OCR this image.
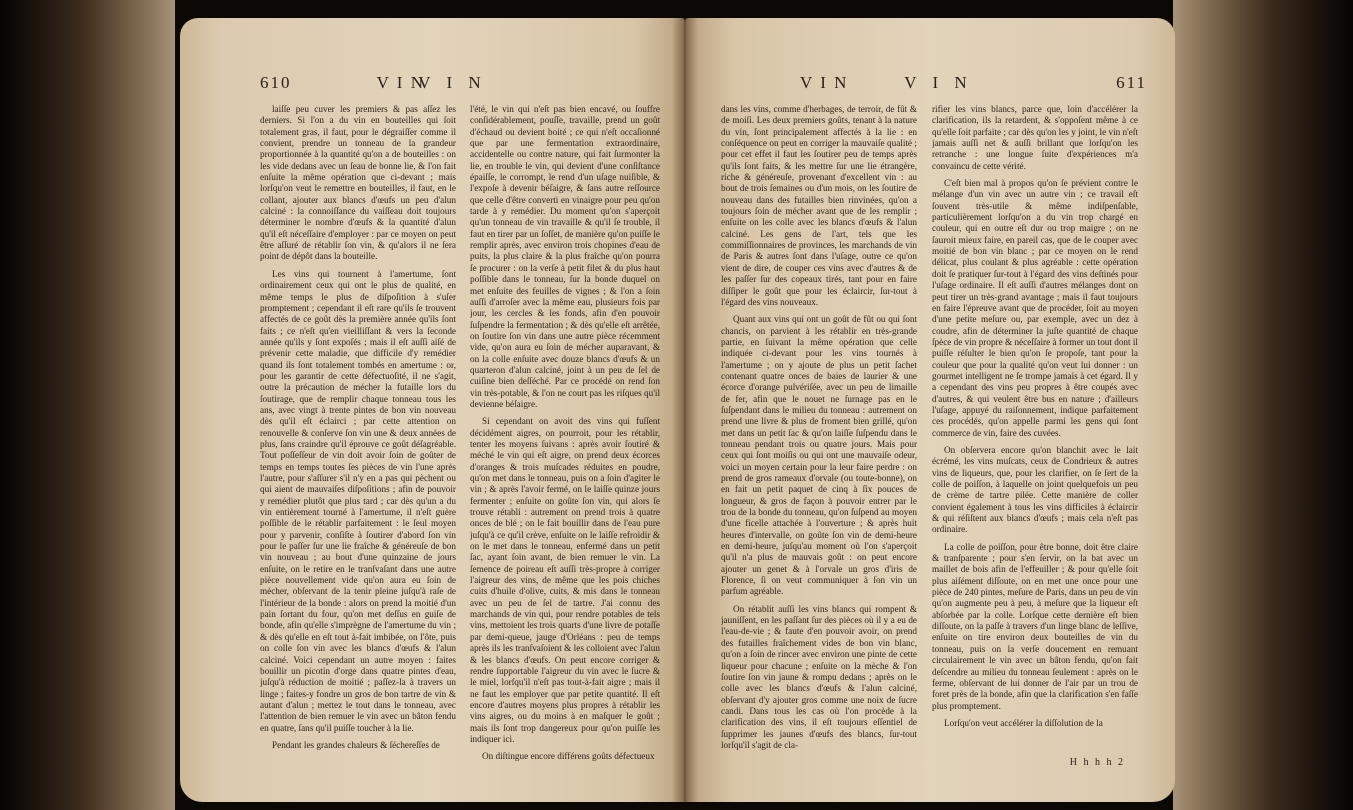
610	V I N
V I N

laiſſe peu cuver les premiers & pas aſſez les derniers. Si l'on a du vin en bouteilles qui ſoit totalement gras, il faut, pour le dégraiſſer comme il convient, prendre un tonneau de la grandeur proportionnée à la quantité qu'on a de bouteilles : on les vide dedans avec un ſeau de bonne lie, & l'on fait enſuite la même opération que ci-devant ; mais lorſqu'on veut le remettre en bouteilles, il faut, en le collant, ajouter aux blancs d'œufs un peu d'alun calciné : la connoiſſance du vaiſſeau doit toujours déterminer le nombre d'œufs & la quantité d'alun qu'il eſt néceſſaire d'employer : par ce moyen on peut être aſſuré de rétablir ſon vin, & qu'alors il ne ſera point de dépôt dans la bouteille.

Les vins qui tournent à l'amertume, ſont ordinairement ceux qui ont le plus de qualité, en même temps le plus de diſpoſition à s'uſer promptement ; cependant il eſt rare qu'ils ſe trouvent affectés de ce goût dès la première année qu'ils ſont faits ; ce n'eſt qu'en vieilliſſant & vers la ſeconde année qu'ils y ſont expoſés ; mais il eſt auſſi aiſé de prévenir cette maladie, que difficile d'y remédier quand ils ſont totalement tombés en amertume : or, pour les garantir de cette défectuoſité, il ne s'agit, outre la précaution de mécher la futaille lors du ſoutirage, que de remplir chaque tonneau tous les ans, avec vingt à trente pintes de bon vin nouveau dès qu'il eſt éclairci ; par cette attention on renouvelle & conſerve ſon vin une & deux années de plus, ſans craindre qu'il éprouve ce goût déſagréable. Tout poſſeſſeur de vin doit avoir ſoin de goûter de temps en temps toutes ſes pièces de vin l'une après l'autre, pour s'aſſurer s'il n'y en a pas qui pèchent ou qui aient de mauvaiſes diſpoſitions ; afin de pouvoir y remédier plutôt que plus tard ; car dès qu'un a du vin entièrement tourné à l'amertume, il n'eſt guère poſſible de le rétablir parfaitement : le ſeul moyen pour y parvenir, conſiſte à ſoutirer d'abord ſon vin pour le paſſer ſur une lie fraîche & généreuſe de bon vin nouveau ; au bout d'une quinzaine de jours enſuite, on le retire en le tranſvaſant dans une autre pièce nouvellement vide qu'on aura eu ſoin de mécher, obſervant de la tenir pleine juſqu'à raſe de l'intérieur de la bonde : alors on prend la moitié d'un pain ſortant du four, qu'on met deſſus en guiſe de bonde, afin qu'elle s'imprègne de l'amertume du vin ; & dès qu'elle en eſt tout à-fait imbibée, on l'ôte, puis on colle ſon vin avec les blancs d'œufs & l'alun calciné. Voici cependant un autre moyen : faites bouillir un picotin d'orge dans quatre pintes d'eau, juſqu'à réduction de moitié ; paſſez-la à travers un linge ; faites-y fondre un gros de bon tartre de vin & autant d'alun ; mettez le tout dans le tonneau, avec l'attention de bien remuer le vin avec un bâton fendu en quatre, ſans qu'il puiſſe toucher à la lie.

Pendant les grandes chaleurs & ſéchereſſes de

l'été, le vin qui n'eſt pas bien encavé, ou ſouffre conſidérablement, pouſſe, travaille, prend un goût d'échaud ou devient boité ; ce qui n'eſt occaſionné que par une fermentation extraordinaire, accidentelle ou contre nature, qui fait ſurmonter la lie, en trouble le vin, qui devient d'une conſiſtance épaiſſe, le corrompt, le rend d'un uſage nuiſible, & l'expoſe à devenir béſaigre, & ſans autre reſſource que celle d'être converti en vinaigre pour peu qu'on tarde à y remédier. Du moment qu'on s'aperçoit qu'un tonneau de vin travaille & qu'il ſe trouble, il faut en tirer par un ſoſſet, de manière qu'on puiſſe le remplir après, avec environ trois chopines d'eau de puits, la plus claire & la plus fraîche qu'on pourra ſe procurer : on la verſe à petit filet & du plus haut poſſible dans le tonneau, ſur la bonde duquel on met enſuite des feuilles de vignes ; & l'on a ſoin auſſi d'arroſer avec la même eau, plusieurs fois par jour, les cercles & les fonds, afin d'en pouvoir ſuſpendre la fermentation ; & dès qu'elle eſt arrêtée, on ſoutire ſon vin dans une autre pièce récemment vide, qu'on aura eu ſoin de mécher auparavant, & on la colle enſuite avec douze blancs d'œufs & un quarteron d'alun calciné, joint à un peu de ſel de cuiſine bien deſſéché. Par ce procédé on rend ſon vin très-potable, & l'on ne court pas les riſques qu'il devienne béſaigre.

Si cependant on avoit des vins qui fuſſent décidément aigres, on pourroit, pour les rétablir, tenter les moyens ſuivans : après avoir ſoutiré & méché le vin qui eſt aigre, on prend deux écorces d'oranges & trois muſcades réduites en poudre, qu'on met dans le tonneau, puis on a ſoin d'agiter le vin ; & après l'avoir fermé, on le laiſſe quinze jours fermenter ; enſuite on goûte ſon vin, qui alors ſe trouve rétabli : autrement on prend trois à quatre onces de blé ; on le fait bouillir dans de l'eau pure juſqu'à ce qu'il crève, enſuite on le laiſſe refroidir & on le met dans le tonneau, enfermé dans un petit ſac, ayant ſoin avant, de bien remuer le vin. La ſemence de poireau eſt auſſi très-propre à corriger l'aigreur des vins, de même que les pois chiches cuits d'huile d'olive, cuits, & mis dans le tonneau avec un peu de ſel de tartre. J'ai connu des marchands de vin qui, pour rendre potables de tels vins, mettoient les trois quarts d'une livre de potaſſe par demi-queue, jauge d'Orléans : peu de temps après ils les tranſvaſoient & les colloient avec l'alun & les blancs d'œufs. On peut encore corriger & rendre ſupportable l'aigreur du vin avec le ſucre & le miel, lorſqu'il n'eſt pas tout-à-fait aigre ; mais il ne faut les employer que par petite quantité. Il eſt encore d'autres moyens plus propres à rétablir les vins aigres, ou du moins à en maſquer le goût ; mais ils ſont trop dangereux pour qu'on puiſſe les indiquer ici.

On diſtingue encore différens goûts défectueux

V I N	V I N	611

dans les vins, comme d'herbages, de terroir, de fût & de moiſi. Les deux premiers goûts, tenant à la nature du vin, ſont principalement affectés à la lie : en conſéquence on peut en corriger la mauvaiſe qualité ; pour cet effet il faut les ſoutirer peu de temps après qu'ils ſont faits, & les mettre ſur une lie étrangère, riche & généreuſe, provenant d'excellent vin : au bout de trois ſemaines ou d'un mois, on les ſoutire de nouveau dans des futailles bien rinvinées, qu'on a toujours ſoin de mécher avant que de les remplir ; enſuite on les colle avec les blancs d'œufs & l'alun calciné. Les gens de l'art, tels que les commiſſionnaires de provinces, les marchands de vin de Paris & autres ſont dans l'uſage, outre ce qu'on vient de dire, de couper ces vins avec d'autres & de les paſſer ſur des copeaux tirés, tant pour en faire diſſiper le goût que pour les éclaircir, ſur-tout à l'égard des vins nouveaux.

Quant aux vins qui ont un goût de fût ou qui ſont chancis, on parvient à les rétablir en très-grande partie, en ſuivant la même opération que celle indiquée ci-devant pour les vins tournés à l'amertume ; on y ajoute de plus un petit ſachet contenant quatre onces de baies de laurier & une écorce d'orange pulvériſée, avec un peu de limaille de fer, afin que le nouet ne ſurnage pas en le ſuſpendant dans le milieu du tonneau : autrement on prend une livre & plus de froment bien grillé, qu'on met dans un petit ſac & qu'on laiſſe ſuſpendu dans le tonneau pendant trois ou quatre jours. Mais pour ceux qui ſont moiſis ou qui ont une mauvaiſe odeur, voici un moyen certain pour la leur faire perdre : on prend de gros rameaux d'orvale (ou toute-bonne), on en fait un petit paquet de cinq à ſix pouces de longueur, & gros de façon à pouvoir entrer par le trou de la bonde du tonneau, qu'on ſuſpend au moyen d'une ficelle attachée à l'ouverture ; & après huit heures d'intervalle, on goûte ſon vin de demi-heure en demi-heure, juſqu'au moment où l'on s'aperçoit qu'il n'a plus de mauvais goût : on peut encore ajouter un genet & à l'orvale un gros d'iris de Florence, ſi on veut communiquer à ſon vin un parfum agréable.

On rétablit auſſi les vins blancs qui rompent & jauniſſent, en les paſſant ſur des pièces où il y a eu de l'eau-de-vie ; & faute d'en pouvoir avoir, on prend des futailles fraîchement vides de bon vin blanc, qu'on a ſoin de rincer avec environ une pinte de cette liqueur pour chacune ; enſuite on la mèche & l'on ſoutire ſon vin jaune & rompu dedans ; après on le colle avec les blancs d'œufs & l'alun calciné, obſervant d'y ajouter gros comme une noix de ſucre candi. Dans tous les cas où l'on procède à la clarification des vins, il eſt toujours eſſentiel de ſupprimer les jaunes d'œufs des blancs, ſur-tout lorſqu'il s'agit de cla-

rifier les vins blancs, parce que, loin d'accélérer la clarification, ils la retardent, & s'oppoſent même à ce qu'elle ſoit parfaite ; car dès qu'on les y joint, le vin n'eſt jamais auſſi net & auſſi brillant que lorſqu'on les retranche : une longue ſuite d'expériences m'a convaincu de cette vérité.

C'eſt bien mal à propos qu'on ſe prévient contre le mélange d'un vin avec un autre vin ; ce travail eſt ſouvent très-utile & même indiſpenſable, particulièrement lorſqu'on a du vin trop chargé en couleur, qui en outre eſt dur ou trop maigre ; on ne ſauroit mieux faire, en pareil cas, que de le couper avec moitié de bon vin blanc ; par ce moyen on le rend délicat, plus coulant & plus agréable : cette opération doit ſe pratiquer ſur-tout à l'égard des vins deſtinés pour l'uſage ordinaire. Il eſt auſſi d'autres mélanges dont on peut tirer un très-grand avantage ; mais il faut toujours en faire l'épreuve avant que de procéder, ſoit au moyen d'une petite meſure ou, par exemple, avec un dez à coudre, afin de déterminer la juſte quantité de chaque ſpèce de vin propre & néceſſaire à former un tout dont il puiſſe réſulter le bien qu'on ſe propoſe, tant pour la couleur que pour la qualité qu'on veut lui donner : un gourmet intelligent ne ſe trompe jamais à cet égard. Il y a cependant des vins peu propres à être coupés avec d'autres, & qui veulent être bus en nature ; d'ailleurs l'uſage, appuyé du raiſonnement, indique parfaitement ces procédés, qu'on appelle parmi les gens qui ſont commerce de vin, faire des cuvées.

On obſervera encore qu'on blanchit avec le lait écrémé, les vins muſcats, ceux de Condrieux & autres vins de liqueurs, que, pour les clarifier, on ſe ſert de la colle de poiſſon, à laquelle on joint quelquefois un peu de crème de tartre pilée. Cette manière de coller convient également à tous les vins difficiles à éclaircir & qui réſiſtent aux blancs d'œufs ; mais cela n'eſt pas ordinaire.

La colle de poiſſon, pour être bonne, doit être claire & tranſparente ; pour s'en ſervir, on la bat avec un maillet de bois afin de l'effeuiller ; & pour qu'elle ſoit plus aiſément diſſoute, on en met une once pour une pièce de 240 pintes, meſure de Paris, dans un peu de vin qu'on augmente peu à peu, à meſure que la liqueur eſt abſorbée par la colle. Lorſque cette dernière eſt bien diſſoute, on la paſſe à travers d'un linge blanc de leſſive, enſuite on tire environ deux bouteilles de vin du tonneau, puis on la verſe doucement en remuant circulairement le vin avec un bâton fendu, qu'on fait deſcendre au milieu du tonneau ſeulement : après on le ferme, obſervant de lui donner de l'air par un trou de foret près de la bonde, afin que la clarification s'en faſſe plus promptement.

Lorſqu'on veut accélérer la diſſolution de la

H h h h 2
